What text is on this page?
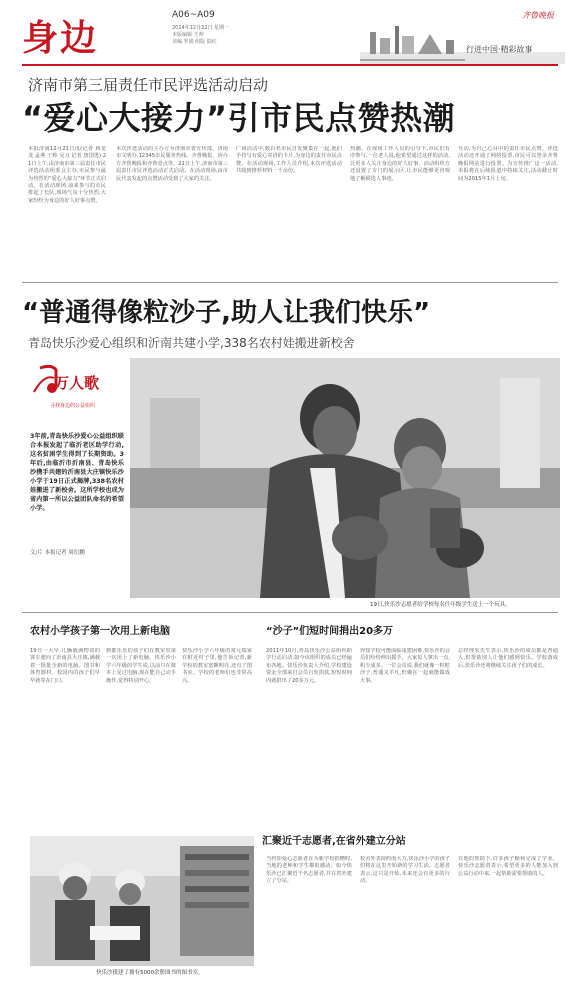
身边
A06~A09
2014年12月22日 星期一
本版编辑 王帅
美编 罗娟 组版 陆红
齐鲁晚报
行进中国·精彩故事
济南市第三届责任市民评选活动启动
“爱心大接力”引市民点赞热潮
本报济南12月21日讯(记者 蒋龙龙 孟燕 王帅 吴习 记者 唐国勇) 21日上午,由济南市第三届责任市民评选活动组委会主办,市民参与最为热烈的“爱心大接力”环节正式启动。在活动现场,前来参与的市民排起了长队,现场气氛十分热烈,大家纷纷为身边的好人好事点赞。
本次评选活动的主办方为济南市委宣传部、济南市文明办,12345市民服务热线、齐鲁晚报、协办方齐鲁晚报和齐鲁壹点等。21日上午,济南市第三届责任市民评选活动正式启动。在活动现场,由市民代表发起的点赞活动受到了大家的关注。
广场活动中,数百名市民自发聚集在一起,他们手持写有爱心寄语的卡片,为身边的责任市民点赞。在活动现场,工作人员介绍,本次评选活动共收到推荐材料一千余份。
热潮。在现场工作人员的引导下,市民们有序参与,一位老人说,他希望通过这样的活动,让更多人关注身边的好人好事。活动组织方还设置了专门的展示区,让市民能够更直观地了解候选人事迹。
互动,为自己心目中的责任市民点赞。评选活动还开通了网络投票,市民可以登录齐鲁晚报网站进行投票。为宣传推广这一活动,本报将在后续报道中持续关注,活动截止时间为2015年1月上旬。
“普通得像粒沙子,助人让我们快乐”
青岛快乐沙爱心组织和沂南共建小学,338名农村娃搬进新校舍
万人歌
寻找身边的公益组织
3年前,青岛快乐沙爱心公益组织联合本报发起了临沂老区助学行动,这名贫困学生得到了长期资助。3年后,由临沂市沂南县、青岛快乐沙携手共建的沂南县大庄镇快乐沙小学于19日正式揭牌,338名农村娃搬进了新校舍。这所学校也成为省内第一所以公益团队命名的希望小学。
文/片 本报记者 周衍鹏
19日,快乐沙志愿者给学校每名任年级学生送上一个玩具。
农村小学孩子第一次用上新电脑
19日一大早,几辆载满物资的客车驶向了沂南县大庄镇,满载着一批批全新的电脑、图书和体育器材。校园内的孩子们早早就等在门口。
到都乐乐的孩子们在教室里第一次用上了新电脑。快乐沙小学六年级的学生说,以前只在课本上见过电脑,现在能自己动手操作,觉得特别开心。
快乐沙小学六年级的常元瑞家在附近村子里,他告诉记者,新学校的教室宽敞明亮,还有了图书室。学校的老师们也非常高兴。
快乐沙援建了拥有5000余册图书的图书室。
“沙子”们短时间捐出20多万
2011年10月,青岛快乐沙公益组织助学行动启动,如今该组织的成员已经遍布各地。快乐沙负责人介绍,学校建设资金全部来自会员自发捐款,短短时间内就捐出了20多万元。
得知学校可能面临重建困难,快乐沙的会员们纷纷伸出援手。大家每人拿出一点,积少成多。一位会员说,我们就像一粒粒沙子,普通又平凡,但聚在一起就能做成大事。
总经理朱先生表示,快乐沙的成员都是普通人,但帮助别人让他们感到快乐。学校落成后,快乐沙还将继续关注孩子们的成长。
汇聚近千志愿者,在省外建立分站
当得知爱心志愿者在为新学校捐赠时,当地的老师和学生都很感动。如今快乐沙已汇聚近千名志愿者,并在省外建立了分站。
校舍外表简约而大方,快乐沙小学的孩子们将在这里开始新的学习生活。志愿者表示,这只是开始,未来还会有更多的行动。
在他的帮助下,许多孩子顺利完成了学业。快乐沙志愿者表示,希望更多的人能加入到公益行动中来,一起帮助需要帮助的人。
